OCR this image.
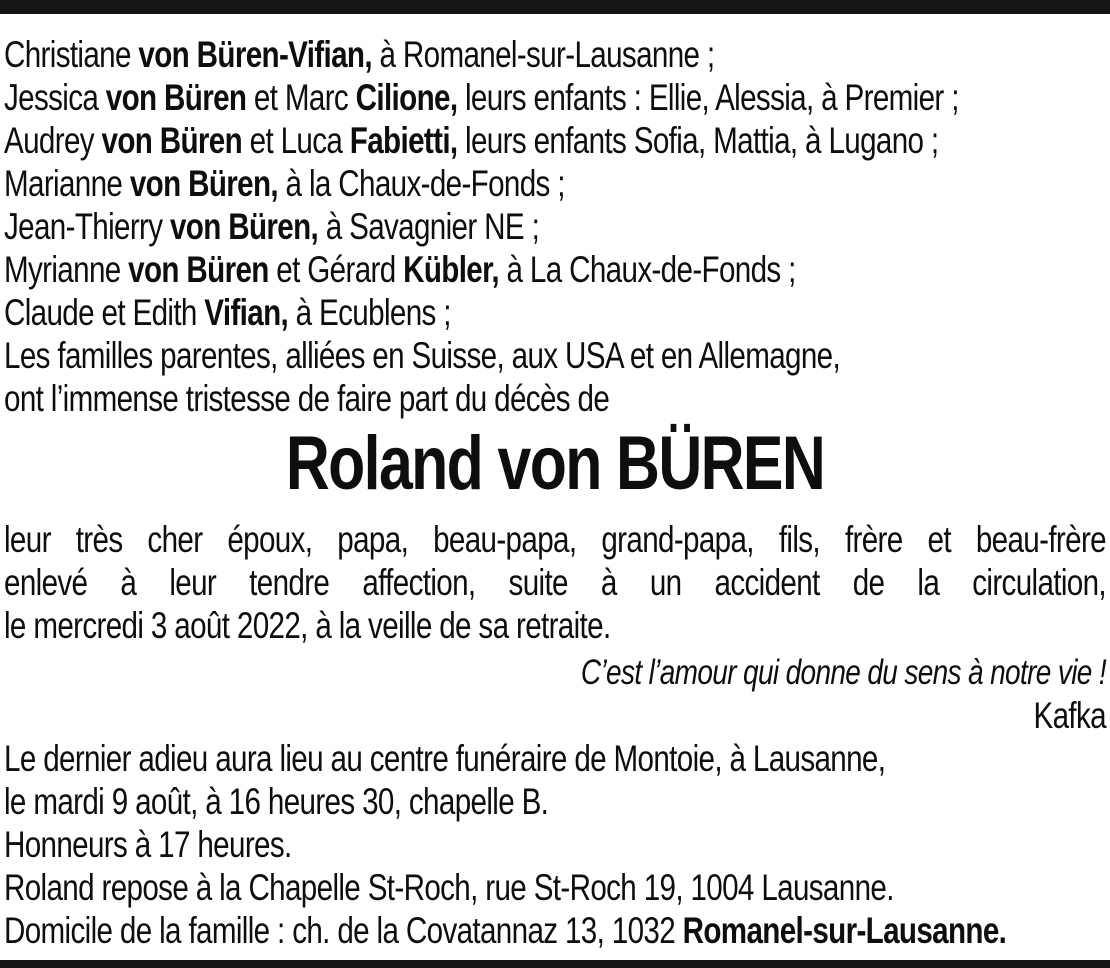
Christiane von Büren-Vifian, à Romanel-sur-Lausanne ;
Jessica von Büren et Marc Cilione, leurs enfants : Ellie, Alessia, à Premier ;
Audrey von Büren et Luca Fabietti, leurs enfants Sofia, Mattia, à Lugano ;
Marianne von Büren, à la Chaux-de-Fonds ;
Jean-Thierry von Büren, à Savagnier NE ;
Myrianne von Büren et Gérard Kübler, à La Chaux-de-Fonds ;
Claude et Edith Vifian, à Ecublens ;
Les familles parentes, alliées en Suisse, aux USA et en Allemagne,
ont l’immense tristesse de faire part du décès de
Roland von BÜREN
leur très cher époux, papa, beau-papa, grand-papa, fils, frère et beau-frère
enlevé à leur tendre affection, suite à un accident de la circulation,
le mercredi 3 août 2022, à la veille de sa retraite.
C’est l’amour qui donne du sens à notre vie !
Kafka
Le dernier adieu aura lieu au centre funéraire de Montoie, à Lausanne,
le mardi 9 août, à 16 heures 30, chapelle B.
Honneurs à 17 heures.
Roland repose à la Chapelle St-Roch, rue St-Roch 19, 1004 Lausanne.
Domicile de la famille : ch. de la Covatannaz 13, 1032 Romanel-sur-Lausanne.
